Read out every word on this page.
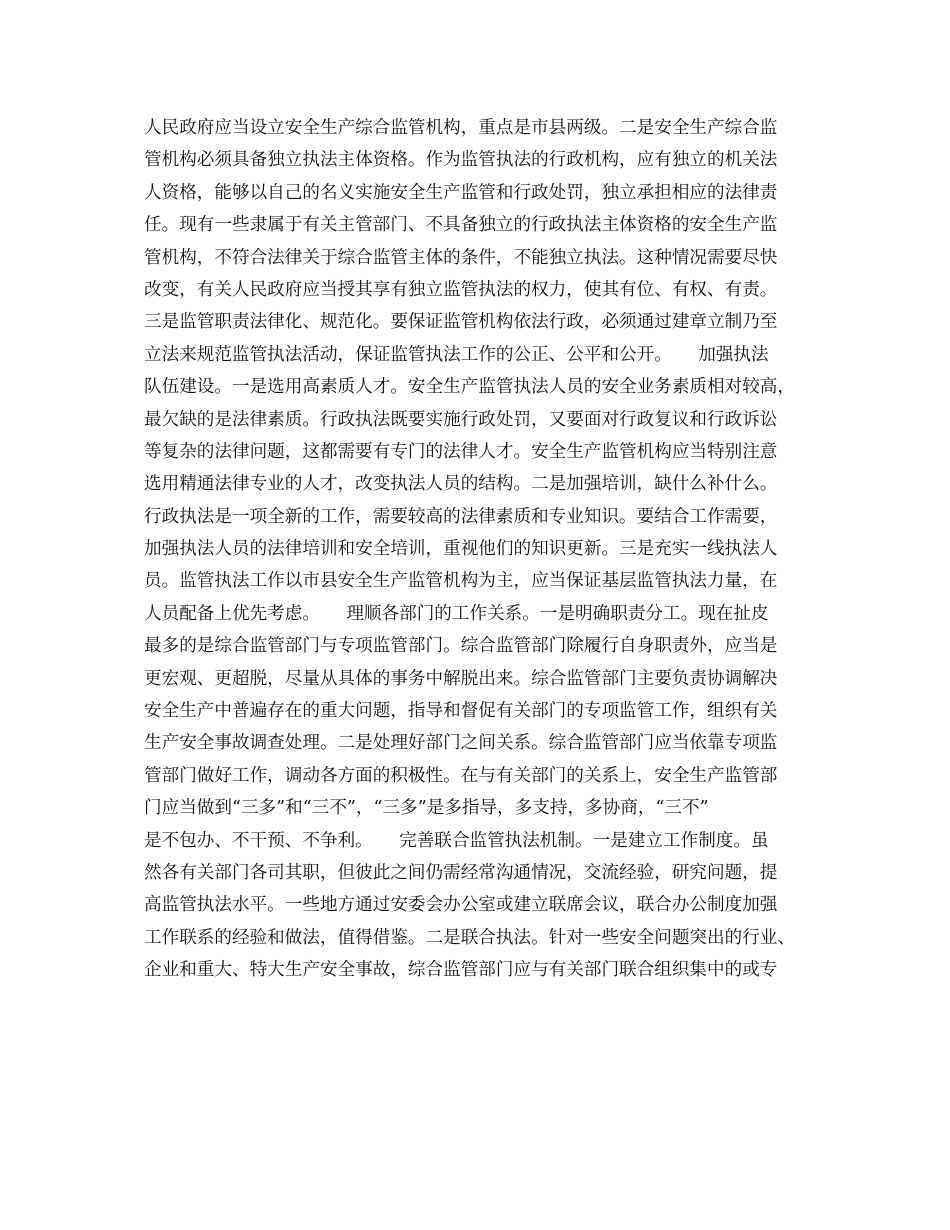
人民政府应当设立安全生产综合监管机构，重点是市县两级。二是安全生产综合监
管机构必须具备独立执法主体资格。作为监管执法的行政机构，应有独立的机关法
人资格，能够以自己的名义实施安全生产监管和行政处罚，独立承担相应的法律责
任。现有一些隶属于有关主管部门、不具备独立的行政执法主体资格的安全生产监
管机构，不符合法律关于综合监管主体的条件，不能独立执法。这种情况需要尽快
改变，有关人民政府应当授其享有独立监管执法的权力，使其有位、有权、有责。
三是监管职责法律化、规范化。要保证监管机构依法行政，必须通过建章立制乃至
立法来规范监管执法活动，保证监管执法工作的公正、公平和公开。　　加强执法
队伍建设。一是选用高素质人才。安全生产监管执法人员的安全业务素质相对较高，
最欠缺的是法律素质。行政执法既要实施行政处罚，又要面对行政复议和行政诉讼
等复杂的法律问题，这都需要有专门的法律人才。安全生产监管机构应当特别注意
选用精通法律专业的人才，改变执法人员的结构。二是加强培训，缺什么补什么。
行政执法是一项全新的工作，需要较高的法律素质和专业知识。要结合工作需要，
加强执法人员的法律培训和安全培训，重视他们的知识更新。三是充实一线执法人
员。监管执法工作以市县安全生产监管机构为主，应当保证基层监管执法力量，在
人员配备上优先考虑。　　理顺各部门的工作关系。一是明确职责分工。现在扯皮
最多的是综合监管部门与专项监管部门。综合监管部门除履行自身职责外，应当是
更宏观、更超脱，尽量从具体的事务中解脱出来。综合监管部门主要负责协调解决
安全生产中普遍存在的重大问题，指导和督促有关部门的专项监管工作，组织有关
生产安全事故调查处理。二是处理好部门之间关系。综合监管部门应当依靠专项监
管部门做好工作，调动各方面的积极性。在与有关部门的关系上，安全生产监管部
门应当做到“三多”和“三不”，“三多”是多指导，多支持，多协商，“三不”
是不包办、不干预、不争利。　　完善联合监管执法机制。一是建立工作制度。虽
然各有关部门各司其职，但彼此之间仍需经常沟通情况，交流经验，研究问题，提
高监管执法水平。一些地方通过安委会办公室或建立联席会议，联合办公制度加强
工作联系的经验和做法，值得借鉴。二是联合执法。针对一些安全问题突出的行业、
企业和重大、特大生产安全事故，综合监管部门应与有关部门联合组织集中的或专
